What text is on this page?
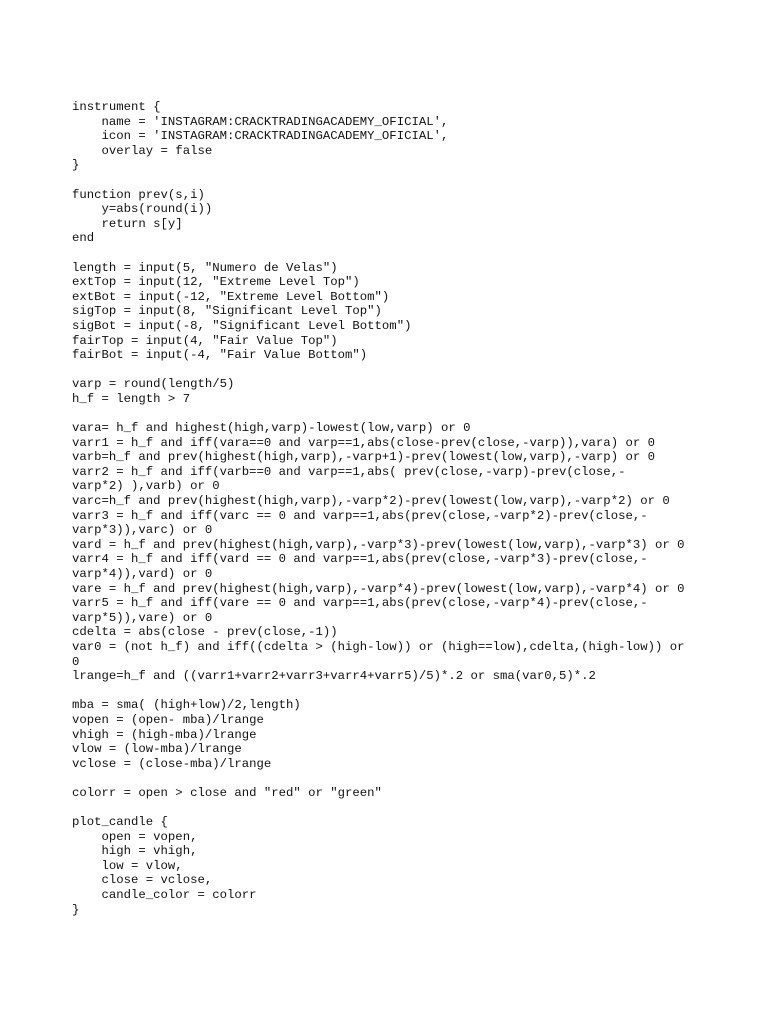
instrument {
name = 'INSTAGRAM:CRACKTRADINGACADEMY_OFICIAL',
icon = 'INSTAGRAM:CRACKTRADINGACADEMY_OFICIAL',
overlay = false
}
function prev(s,i)
y=abs(round(i))
return s[y]
end
length = input(5, "Numero de Velas")
extTop = input(12, "Extreme Level Top")
extBot = input(-12, "Extreme Level Bottom")
sigTop = input(8, "Significant Level Top")
sigBot = input(-8, "Significant Level Bottom")
fairTop = input(4, "Fair Value Top")
fairBot = input(-4, "Fair Value Bottom")
varp = round(length/5)
h_f = length > 7
vara= h_f and highest(high,varp)-lowest(low,varp) or 0
varr1 = h_f and iff(vara==0 and varp==1,abs(close-prev(close,-varp)),vara) or 0
varb=h_f and prev(highest(high,varp),-varp+1)-prev(lowest(low,varp),-varp) or 0
varr2 = h_f and iff(varb==0 and varp==1,abs( prev(close,-varp)-prev(close,-
varp*2) ),varb) or 0
varc=h_f and prev(highest(high,varp),-varp*2)-prev(lowest(low,varp),-varp*2) or 0
varr3 = h_f and iff(varc == 0 and varp==1,abs(prev(close,-varp*2)-prev(close,-
varp*3)),varc) or 0
vard = h_f and prev(highest(high,varp),-varp*3)-prev(lowest(low,varp),-varp*3) or 0
varr4 = h_f and iff(vard == 0 and varp==1,abs(prev(close,-varp*3)-prev(close,-
varp*4)),vard) or 0
vare = h_f and prev(highest(high,varp),-varp*4)-prev(lowest(low,varp),-varp*4) or 0
varr5 = h_f and iff(vare == 0 and varp==1,abs(prev(close,-varp*4)-prev(close,-
varp*5)),vare) or 0
cdelta = abs(close - prev(close,-1))
var0 = (not h_f) and iff((cdelta > (high-low)) or (high==low),cdelta,(high-low)) or
0
lrange=h_f and ((varr1+varr2+varr3+varr4+varr5)/5)*.2 or sma(var0,5)*.2
mba = sma( (high+low)/2,length)
vopen = (open- mba)/lrange
vhigh = (high-mba)/lrange
vlow = (low-mba)/lrange
vclose = (close-mba)/lrange
colorr = open > close and "red" or "green"
plot_candle {
open = vopen,
high = vhigh,
low = vlow,
close = vclose,
candle_color = colorr
}
